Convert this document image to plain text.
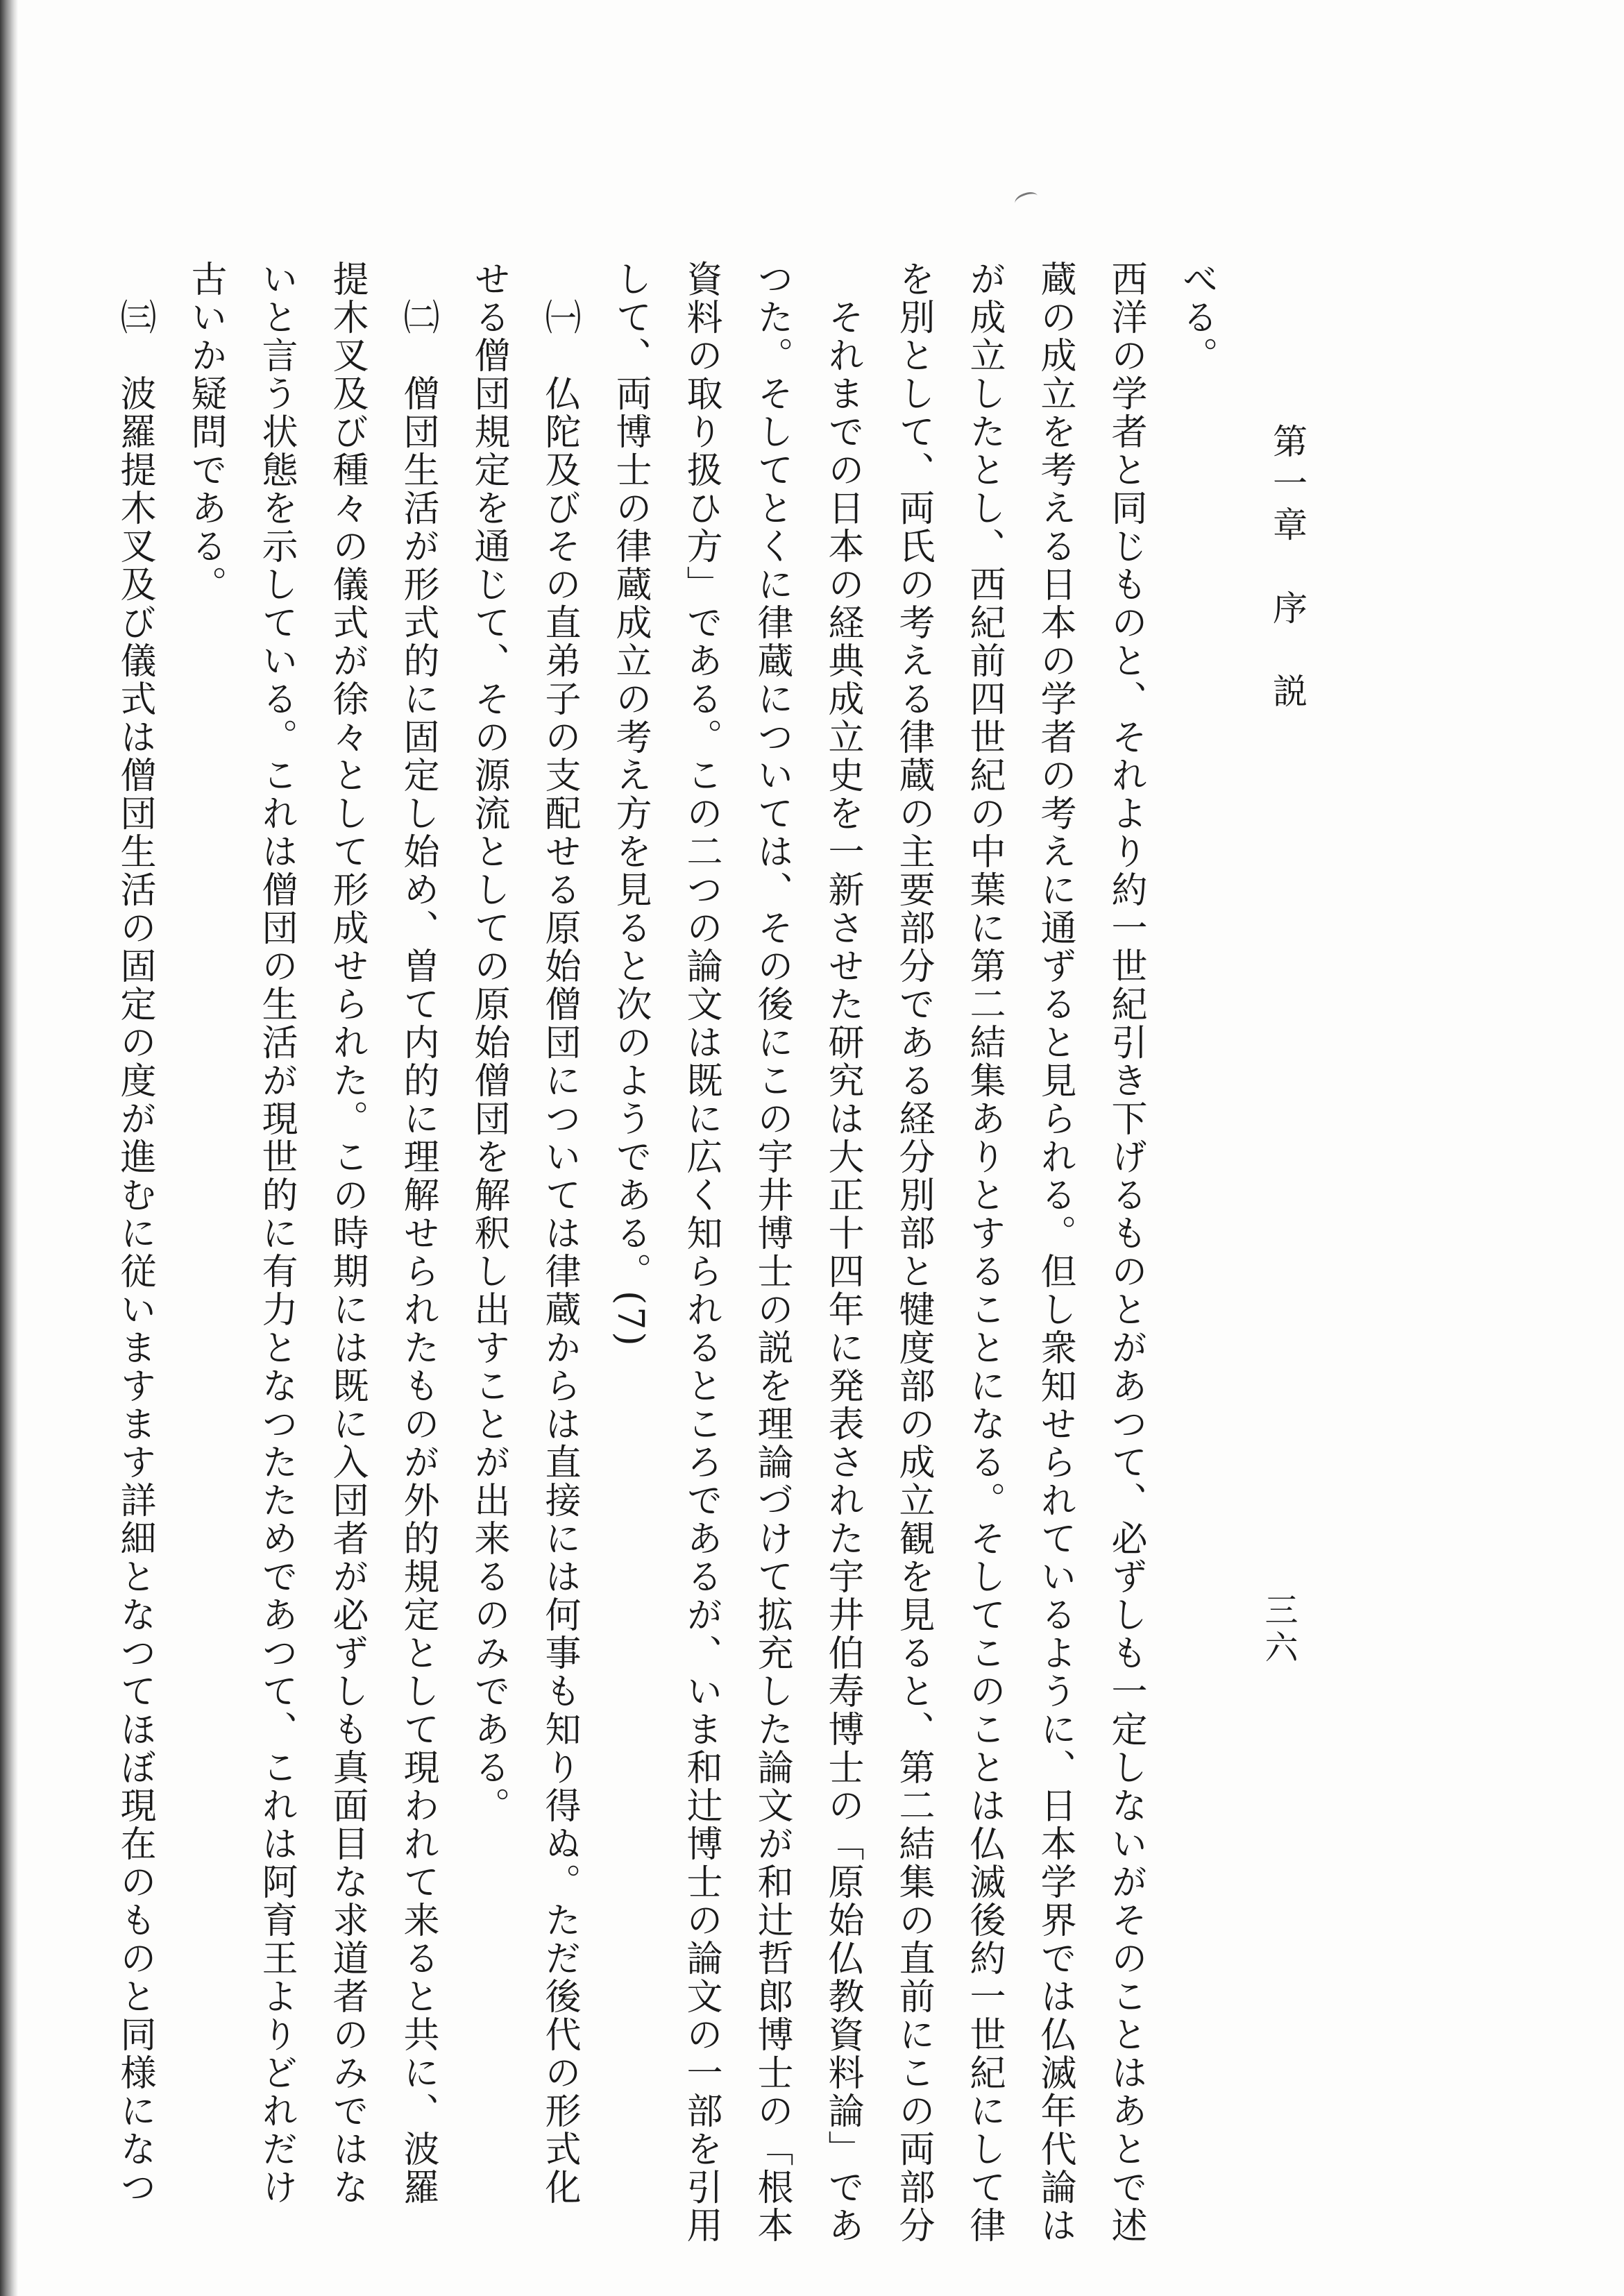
第一章　序　説
三六

べる。

西洋の学者と同じものと、それより約一世紀引き下げるものとがあつて、必ずしも一定しないがそのことはあとで述

蔵の成立を考える日本の学者の考えに通ずると見られる。但し衆知せられているように、日本学界では仏滅年代論は

が成立したとし、西紀前四世紀の中葉に第二結集ありとすることになる。そしてこのことは仏滅後約一世紀にして律

を別として、両氏の考える律蔵の主要部分である経分別部と犍度部の成立観を見ると、第二結集の直前にこの両部分

　それまでの日本の経典成立史を一新させた研究は大正十四年に発表された宇井伯寿博士の「原始仏教資料論」であ

つた。そしてとくに律蔵については、その後にこの宇井博士の説を理論づけて拡充した論文が和辻哲郎博士の「根本

資料の取り扱ひ方」である。この二つの論文は既に広く知られるところであるが、いま和辻博士の論文の一部を引用

して、両博士の律蔵成立の考え方を見ると次のようである。(7)

　㈠　仏陀及びその直弟子の支配せる原始僧団については律蔵からは直接には何事も知り得ぬ。ただ後代の形式化

せる僧団規定を通じて、その源流としての原始僧団を解釈し出すことが出来るのみである。

　㈡　僧団生活が形式的に固定し始め、曽て内的に理解せられたものが外的規定として現われて来ると共に、波羅

提木叉及び種々の儀式が徐々として形成せられた。この時期には既に入団者が必ずしも真面目な求道者のみではな

いと言う状態を示している。これは僧団の生活が現世的に有力となつたためであつて、これは阿育王よりどれだけ

古いか疑問である。

　㈢　波羅提木叉及び儀式は僧団生活の固定の度が進むに従いますます詳細となつてほぼ現在のものと同様になつ
